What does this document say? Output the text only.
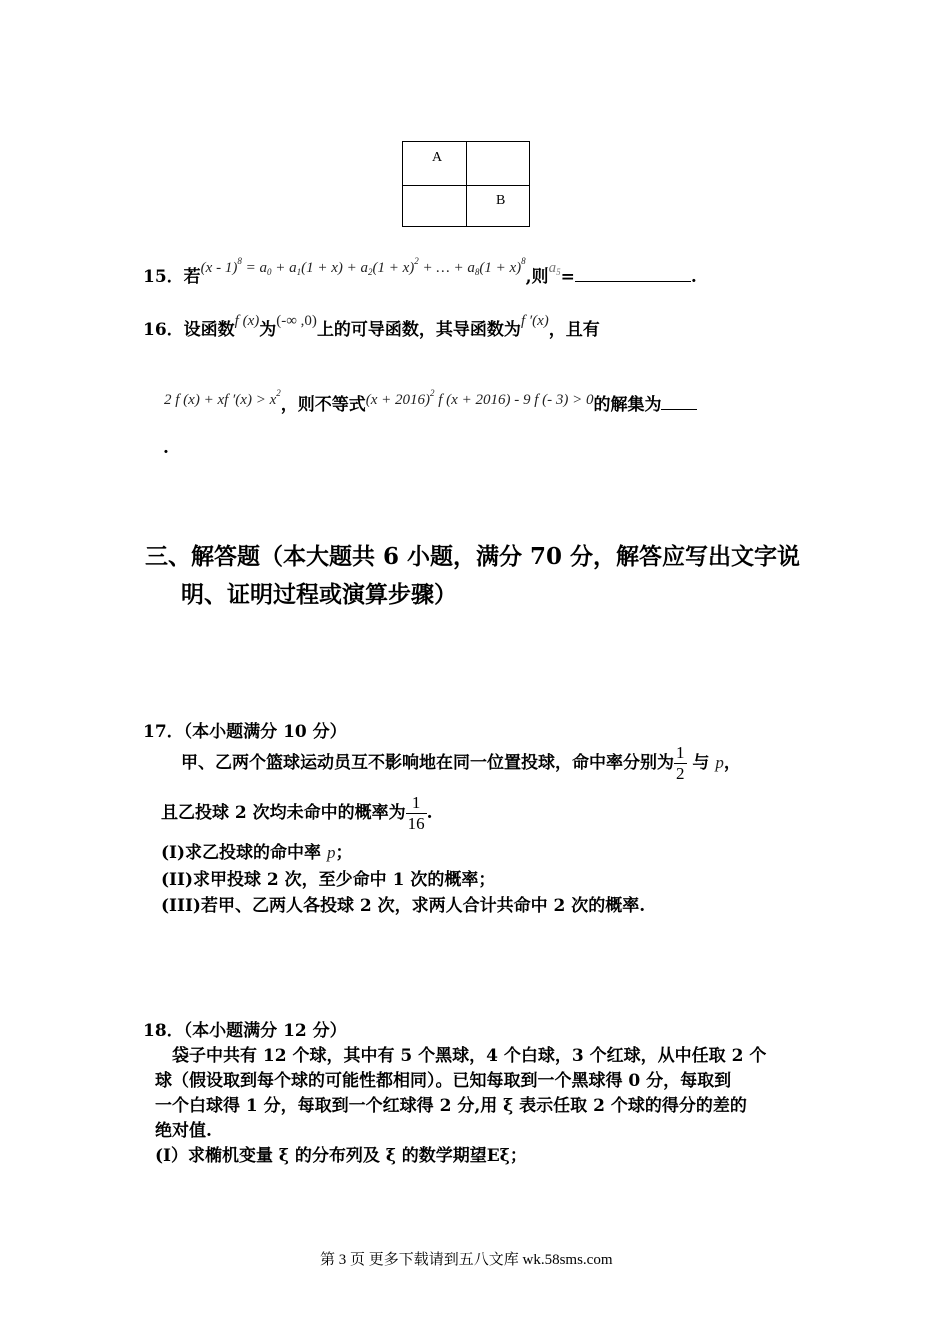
A
B
15．若$(x - 1)^8 = a_0 + a_1(1 + x) + a_2(1 + x)^2$ + … + $a_8(1 + x)^8$,则$a_5=$	.
16．设函数f (x)为(-∞ ,0)上的可导函数，其导函数为f ′(x)，且有
2 f (x) + xf $'(x) > x^2$，则不等式$(x + 2016)^2$ f (x + 2016) - 9 f (- 3) > 0的解集为
.
三、解答题（本大题共 6 小题，满分 70 分，解答应写出文字说
明、证明过程或演算步骤）
17．（本小题满分 10 分）
甲、乙两个篮球运动员互不影响地在同一位置投球，命中率分别为 $\frac{1}{2}$ 与 p，
且乙投球 2 次均未命中的概率为 $\frac{1}{16}$ .
(I)求乙投球的命中率 p；
(II)求甲投球 2 次，至少命中 1 次的概率；
(III)若甲、乙两人各投球 2 次，求两人合计共命中 2 次的概率.
18．（本小题满分 12 分）
袋子中共有 12 个球，其中有 5 个黑球，4 个白球，3 个红球，从中任取 2 个
球（假设取到每个球的可能性都相同）。已知每取到一个黑球得 0 分，每取到
一个白球得 1 分，每取到一个红球得 2 分,用 ξ 表示任取 2 个球的得分的差的
绝对值.
(I）求椭机变量 ξ 的分布列及 ξ 的数学期望Eξ；
第 3 页 更多下载请到五八文库 wk.58sms.com
